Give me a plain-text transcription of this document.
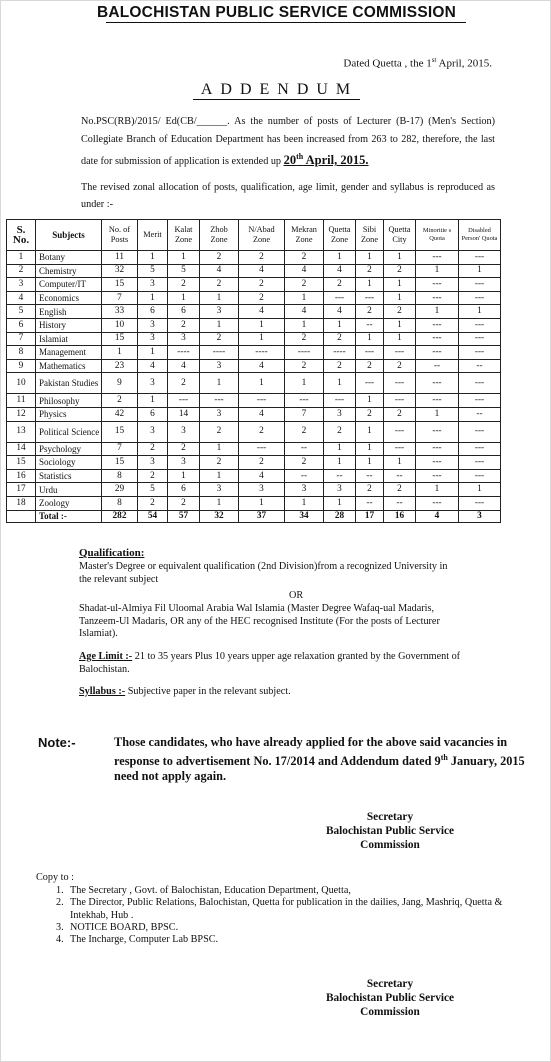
BALOCHISTAN PUBLIC SERVICE COMMISSION
Dated Quetta , the 1st April, 2015.
ADDENDUM
No.PSC(RB)/2015/ Ed(CB/______. As the number of posts of Lecturer (B-17) (Men's Section) Collegiate Branch of Education Department has been increased from 263 to 282, therefore, the last date for submission of application is extended up 20th April, 2015.
The revised zonal allocation of posts, qualification, age limit, gender and syllabus is reproduced as under :-
S. No.	Subjects	No. of Posts	Merit	Kalat Zone	Zhob Zone	N/Abad Zone	Mekran Zone	Quetta Zone	Sibi Zone	Quetta City	Minoritie s Quota	Disabled Person' Quota
1	Botany	11	1	1	2	2	2	1	1	1	---	---
2	Chemistry	32	5	5	4	4	4	4	2	2	1	1
3	Computer/IT	15	3	2	2	2	2	2	1	1	---	---
4	Economics	7	1	1	1	2	1	---	---	1	---	---
5	English	33	6	6	3	4	4	4	2	2	1	1
6	History	10	3	2	1	1	1	1	--	1	---	---
7	Islamiat	15	3	3	2	1	2	2	1	1	---	---
8	Management	1	1	----	----	----	----	----	---	---	---	---
9	Mathematics	23	4	4	3	4	2	2	2	2	--	--
10	Pakistan Studies	9	3	2	1	1	1	1	---	---	---	---
11	Philosophy	2	1	---	---	---	---	---	1	---	---	---
12	Physics	42	6	14	3	4	7	3	2	2	1	--
13	Political Science	15	3	3	2	2	2	2	1	---	---	---
14	Psychology	7	2	2	1	---	--	1	1	---	---	---
15	Sociology	15	3	3	2	2	2	1	1	1	---	---
16	Statistics	8	2	1	1	4	--	--	--	--	---	---
17	Urdu	29	5	6	3	3	3	3	2	2	1	1
18	Zoology	8	2	2	1	1	1	1	--	--	---	---
	Total :-	282	54	57	32	37	34	28	17	16	4	3
Qualification:
Master's Degree or equivalent qualification (2nd Division)from a recognized University in the relevant subject
OR
Shadat-ul-Almiya Fil Uloomal Arabia Wal Islamia (Master Degree Wafaq-ual Madaris, Tanzeem-Ul Madaris, OR any of the HEC recognised Institute (For the posts of Lecturer Islamiat).
Age Limit :- 21 to 35 years Plus 10 years upper age relaxation granted by the Government of Balochistan.
Syllabus :- Subjective paper in the relevant subject.
Note:-	Those candidates, who have already applied for the above said vacancies in response to advertisement No. 17/2014 and Addendum dated 9th January, 2015 need not apply again.
Secretary
Balochistan Public Service
Commission
Copy to :
1. The Secretary , Govt. of Balochistan, Education Department, Quetta,
2. The Director, Public Relations, Balochistan, Quetta for publication in the dailies, Jang, Mashriq, Quetta & Intekhab, Hub .
3. NOTICE BOARD, BPSC.
4. The Incharge, Computer Lab BPSC.
Secretary
Balochistan Public Service
Commission
